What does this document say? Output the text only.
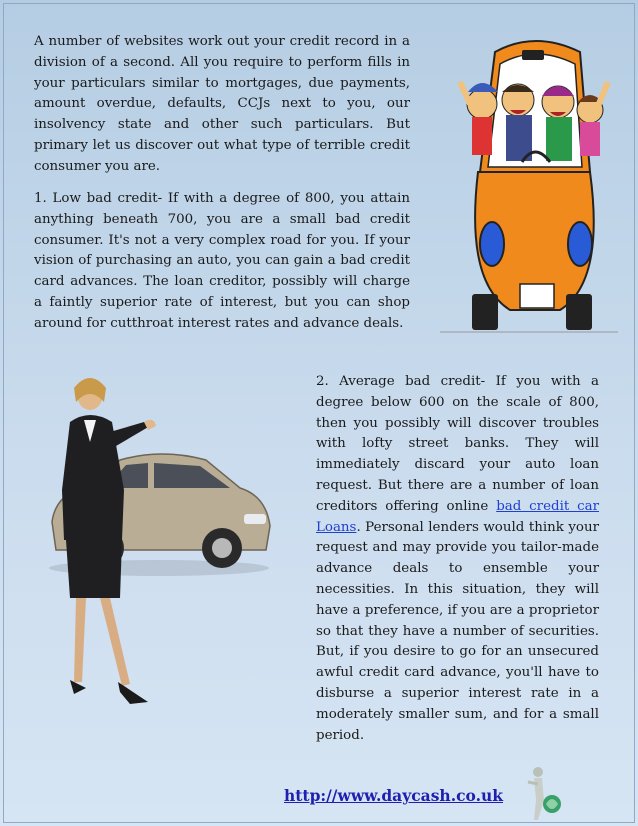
A number of websites work out your credit record in a division of a second. All you require to perform fills in your particulars similar to mortgages, due payments, amount overdue, defaults, CCJs next to you, our insolvency state and other such particulars. But primary let us discover out what type of terrible credit consumer you are.

1. Low bad credit- If with a degree of 800, you attain anything beneath 700, you are a small bad credit consumer. It's not a very complex road for you. If your vision of purchasing an auto, you can gain a bad credit card advances. The loan creditor, possibly will charge a faintly superior rate of interest, but you can shop around for cutthroat interest rates and advance deals.

2. Average bad credit- If you with a degree below 600 on the scale of 800, then you possibly will discover troubles with lofty street banks. They will immediately discard your auto loan request. But there are a number of loan creditors offering online bad credit car Loans. Personal lenders would think your request and may provide you tailor-made advance deals to ensemble your necessities. In this situation, they will have a preference, if you are a proprietor so that they have a number of securities. But, if you desire to go for an unsecured awful credit card advance, you'll have to disburse a superior interest rate in a moderately smaller sum, and for a small period.

http://www.daycash.co.uk
